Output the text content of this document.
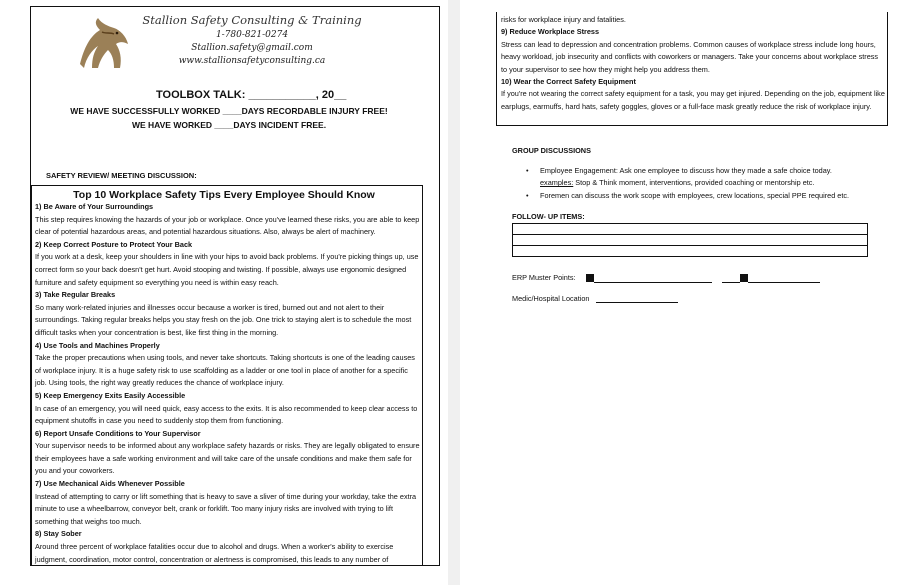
Stallion Safety Consulting & Training
1-780-821-0274
Stallion.safety@gmail.com
www.stallionsafetyconsulting.ca
TOOLBOX TALK: ___________, 20__
WE HAVE SUCCESSFULLY WORKED ____DAYS RECORDABLE INJURY FREE!
WE HAVE WORKED ____DAYS INCIDENT FREE.
SAFETY REVIEW/ MEETING DISCUSSION:
Top 10 Workplace Safety Tips Every Employee Should Know

1) Be Aware of Your Surroundings

This step requires knowing the hazards of your job or workplace. Once you've learned these risks, you are able to keep clear of potential hazardous areas, and potential hazardous situations. Also, always be alert of machinery.

2) Keep Correct Posture to Protect Your Back

If you work at a desk, keep your shoulders in line with your hips to avoid back problems. If you're picking things up, use correct form so your back doesn't get hurt. Avoid stooping and twisting. If possible, always use ergonomic designed furniture and safety equipment so everything you need is within easy reach.

3) Take Regular Breaks

So many work-related injuries and illnesses occur because a worker is tired, burned out and not alert to their surroundings. Taking regular breaks helps you stay fresh on the job. One trick to staying alert is to schedule the most difficult tasks when your concentration is best, like first thing in the morning.

4) Use Tools and Machines Properly

Take the proper precautions when using tools, and never take shortcuts. Taking shortcuts is one of the leading causes of workplace injury. It is a huge safety risk to use scaffolding as a ladder or one tool in place of another for a specific job. Using tools, the right way greatly reduces the chance of workplace injury.

5) Keep Emergency Exits Easily Accessible

In case of an emergency, you will need quick, easy access to the exits. It is also recommended to keep clear access to equipment shutoffs in case you need to suddenly stop them from functioning.

6) Report Unsafe Conditions to Your Supervisor

Your supervisor needs to be informed about any workplace safety hazards or risks. They are legally obligated to ensure their employees have a safe working environment and will take care of the unsafe conditions and make them safe for you and your coworkers.

7) Use Mechanical Aids Whenever Possible

Instead of attempting to carry or lift something that is heavy to save a sliver of time during your workday, take the extra minute to use a wheelbarrow, conveyor belt, crank or forklift. Too many injury risks are involved with trying to lift something that weighs too much.

8) Stay Sober

Around three percent of workplace fatalities occur due to alcohol and drugs. When a worker's ability to exercise judgment, coordination, motor control, concentration or alertness is compromised, this leads to any number of

risks for workplace injury and fatalities.

9) Reduce Workplace Stress

Stress can lead to depression and concentration problems. Common causes of workplace stress include long hours, heavy workload, job insecurity and conflicts with coworkers or managers. Take your concerns about workplace stress to your supervisor to see how they might help you address them.

10) Wear the Correct Safety Equipment

If you're not wearing the correct safety equipment for a task, you may get injured. Depending on the job, equipment like earplugs, earmuffs, hard hats, safety goggles, gloves or a full-face mask greatly reduce the risk of workplace injury.

GROUP DISCUSSIONS
• Employee Engagement: Ask one employee to discuss how they made a safe choice today.
examples: Stop & Think moment, interventions, provided coaching or mentorship etc.
• Foremen can discuss the work scope with employees, crew locations, special PPE required etc.
FOLLOW- UP ITEMS:

ERP Muster Points:
Medic/Hospital Location
